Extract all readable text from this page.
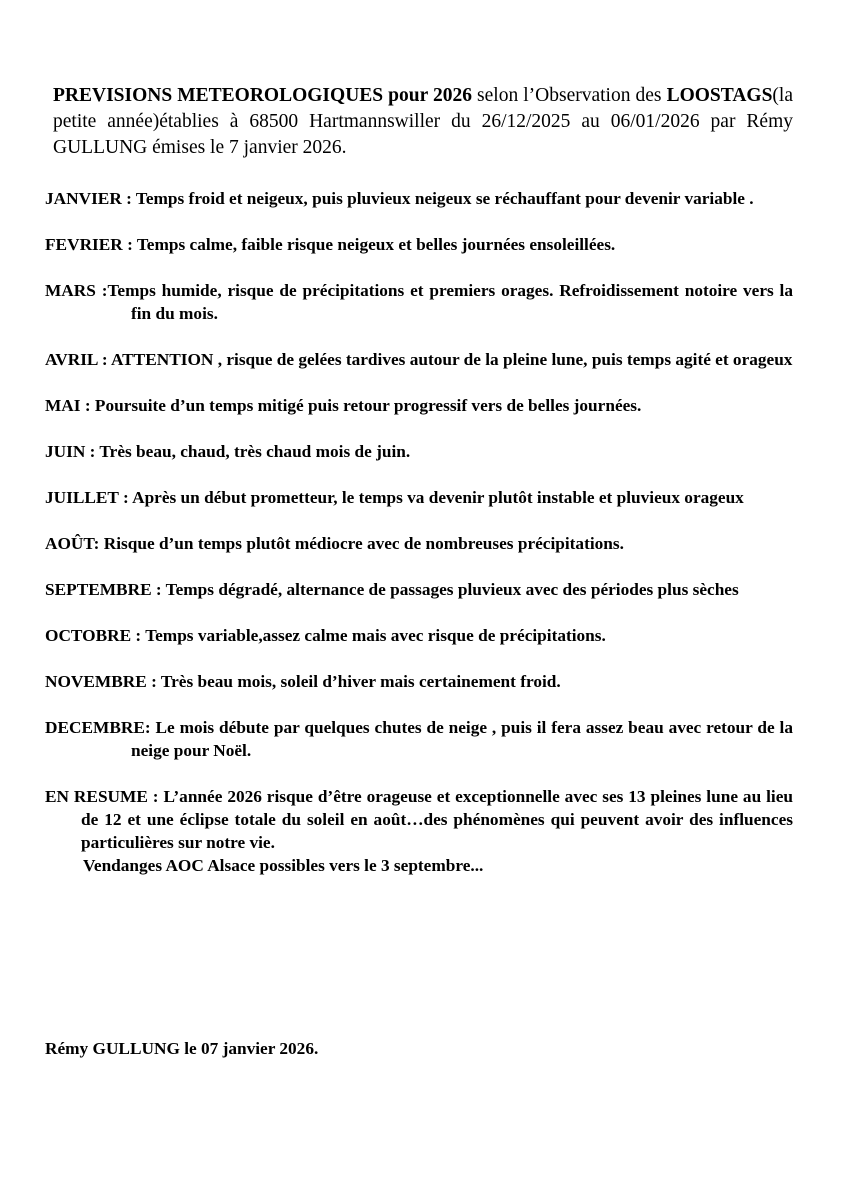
PREVISIONS METEOROLOGIQUES pour 2026 selon l’Observation des LOOSTAGS(la petite année)établies à 68500 Hartmannswiller du 26/12/2025 au 06/01/2026 par Rémy GULLUNG émises le 7 janvier 2026.

JANVIER : Temps froid et neigeux, puis pluvieux neigeux se réchauffant pour devenir variable .

FEVRIER : Temps calme, faible risque neigeux et belles journées ensoleillées.

MARS :Temps humide, risque de précipitations et premiers orages. Refroidissement notoire vers la fin du mois.

AVRIL : ATTENTION , risque de gelées tardives autour de la pleine lune, puis temps agité et orageux

MAI : Poursuite d’un temps mitigé puis retour progressif vers de belles journées.

JUIN : Très beau, chaud, très chaud mois de juin.

JUILLET : Après un début prometteur, le temps va devenir plutôt instable et pluvieux orageux

AOÛT: Risque d’un temps plutôt médiocre avec de nombreuses précipitations.

SEPTEMBRE : Temps dégradé, alternance de passages pluvieux avec des périodes plus sèches

OCTOBRE : Temps variable,assez calme mais avec risque de précipitations.

NOVEMBRE : Très beau mois, soleil d’hiver mais certainement froid.

DECEMBRE: Le mois débute par quelques chutes de neige , puis il fera assez beau avec retour de la neige pour Noël.

EN RESUME : L’année 2026 risque d’être orageuse et exceptionnelle avec ses 13 pleines lune au lieu de 12 et une éclipse totale du soleil en août…des phénomènes qui peuvent avoir des influences particulières sur notre vie.

Vendanges AOC Alsace possibles vers le 3 septembre...

Rémy GULLUNG le 07 janvier 2026.
